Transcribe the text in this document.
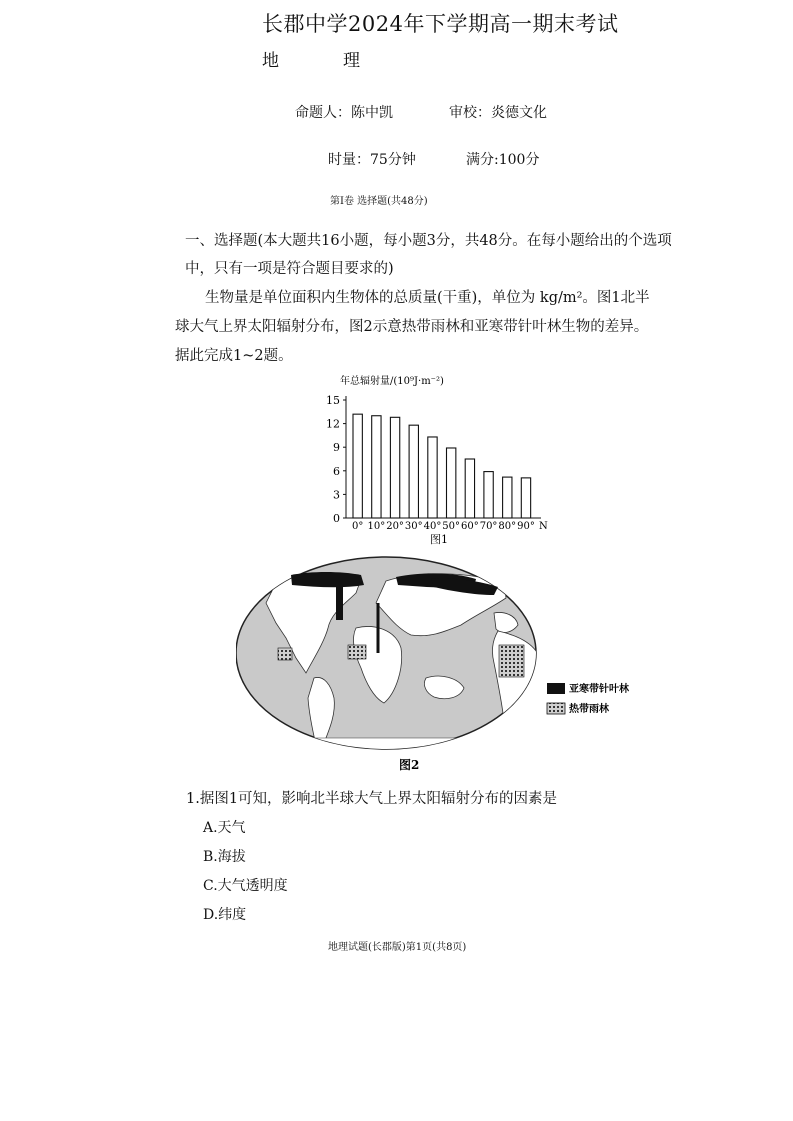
长郡中学2024年下学期高一期末考试
地	理
命题人：陈中凯	审校：炎德文化
时量：75分钟	满分:100分
第Ⅰ卷 选择题(共48分)
一、选择题(本大题共16小题，每小题3分，共48分。在每小题给出的个选项
中，只有一项是符合题目要求的)
生物量是单位面积内生物体的总质量(干重)，单位为 kg/m²。图1北半
球大气上界太阳辐射分布，图2示意热带雨林和亚寒带针叶林生物的差异。
据此完成1~2题。
年总辐射量/(10⁹J·m⁻²)
0
3
6
9
12
15
0° 10° 20° 30° 40° 50° 60° 70° 80° 90° N
图1
亚寒带针叶林
热带雨林
图2
1.据图1可知，影响北半球大气上界太阳辐射分布的因素是
A.天气
B.海拔
C.大气透明度
D.纬度
地理试题(长郡版)第1页(共8页)
